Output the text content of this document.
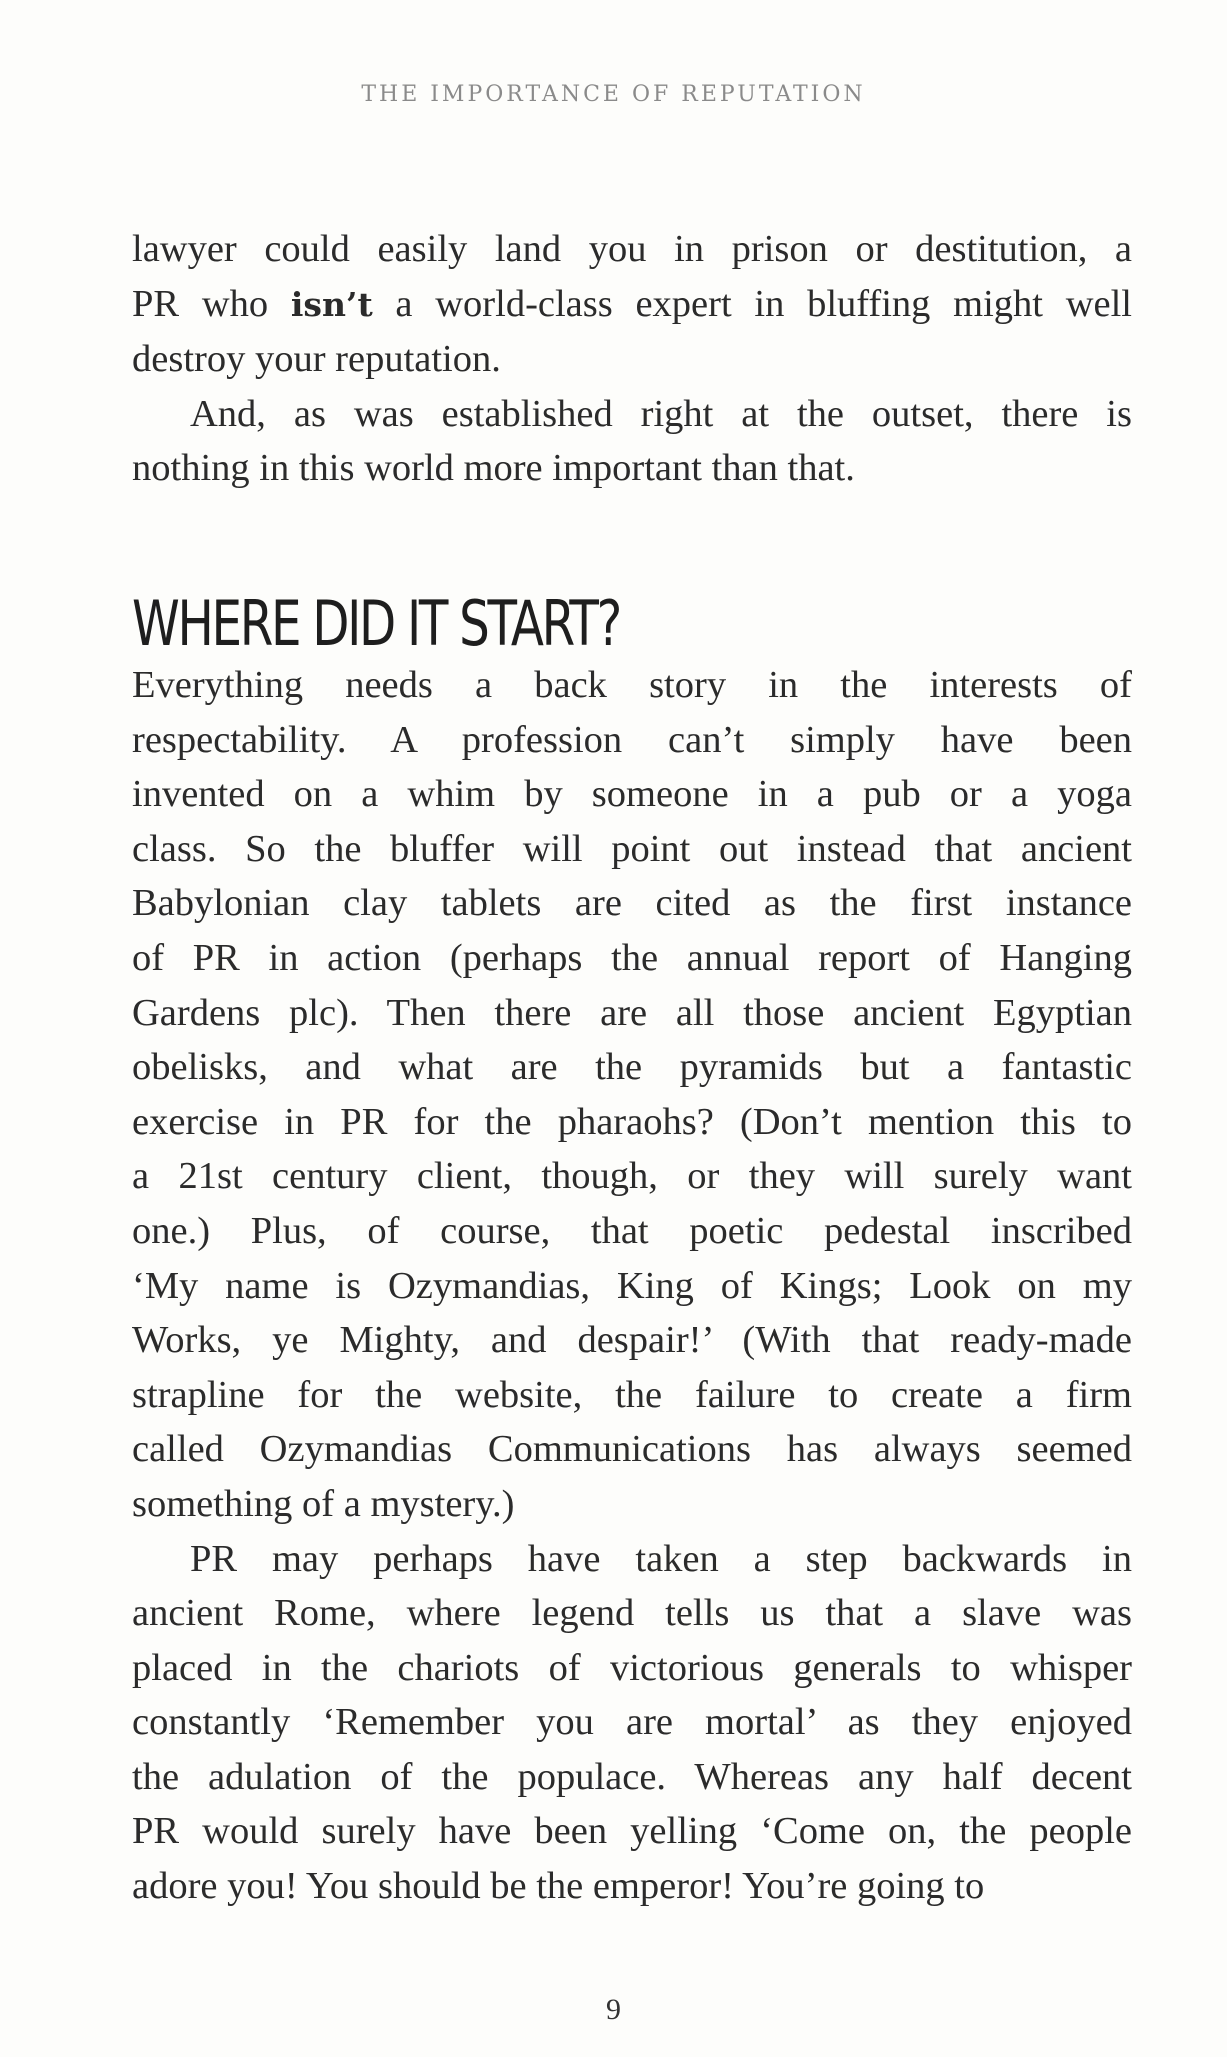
THE IMPORTANCE OF REPUTATION
lawyer could easily land you in prison or destitution, a
PR who isn’t a world-class expert in bluffing might well
destroy your reputation.
And, as was established right at the outset, there is
nothing in this world more important than that.
WHERE DID IT START?
Everything needs a back story in the interests of
respectability. A profession can’t simply have been
invented on a whim by someone in a pub or a yoga
class. So the bluffer will point out instead that ancient
Babylonian clay tablets are cited as the first instance
of PR in action (perhaps the annual report of Hanging
Gardens plc). Then there are all those ancient Egyptian
obelisks, and what are the pyramids but a fantastic
exercise in PR for the pharaohs? (Don’t mention this to
a 21st century client, though, or they will surely want
one.) Plus, of course, that poetic pedestal inscribed
‘My name is Ozymandias, King of Kings; Look on my
Works, ye Mighty, and despair!’ (With that ready-made
strapline for the website, the failure to create a firm
called Ozymandias Communications has always seemed
something of a mystery.)
PR may perhaps have taken a step backwards in
ancient Rome, where legend tells us that a slave was
placed in the chariots of victorious generals to whisper
constantly ‘Remember you are mortal’ as they enjoyed
the adulation of the populace. Whereas any half decent
PR would surely have been yelling ‘Come on, the people
adore you! You should be the emperor! You’re going to
9
